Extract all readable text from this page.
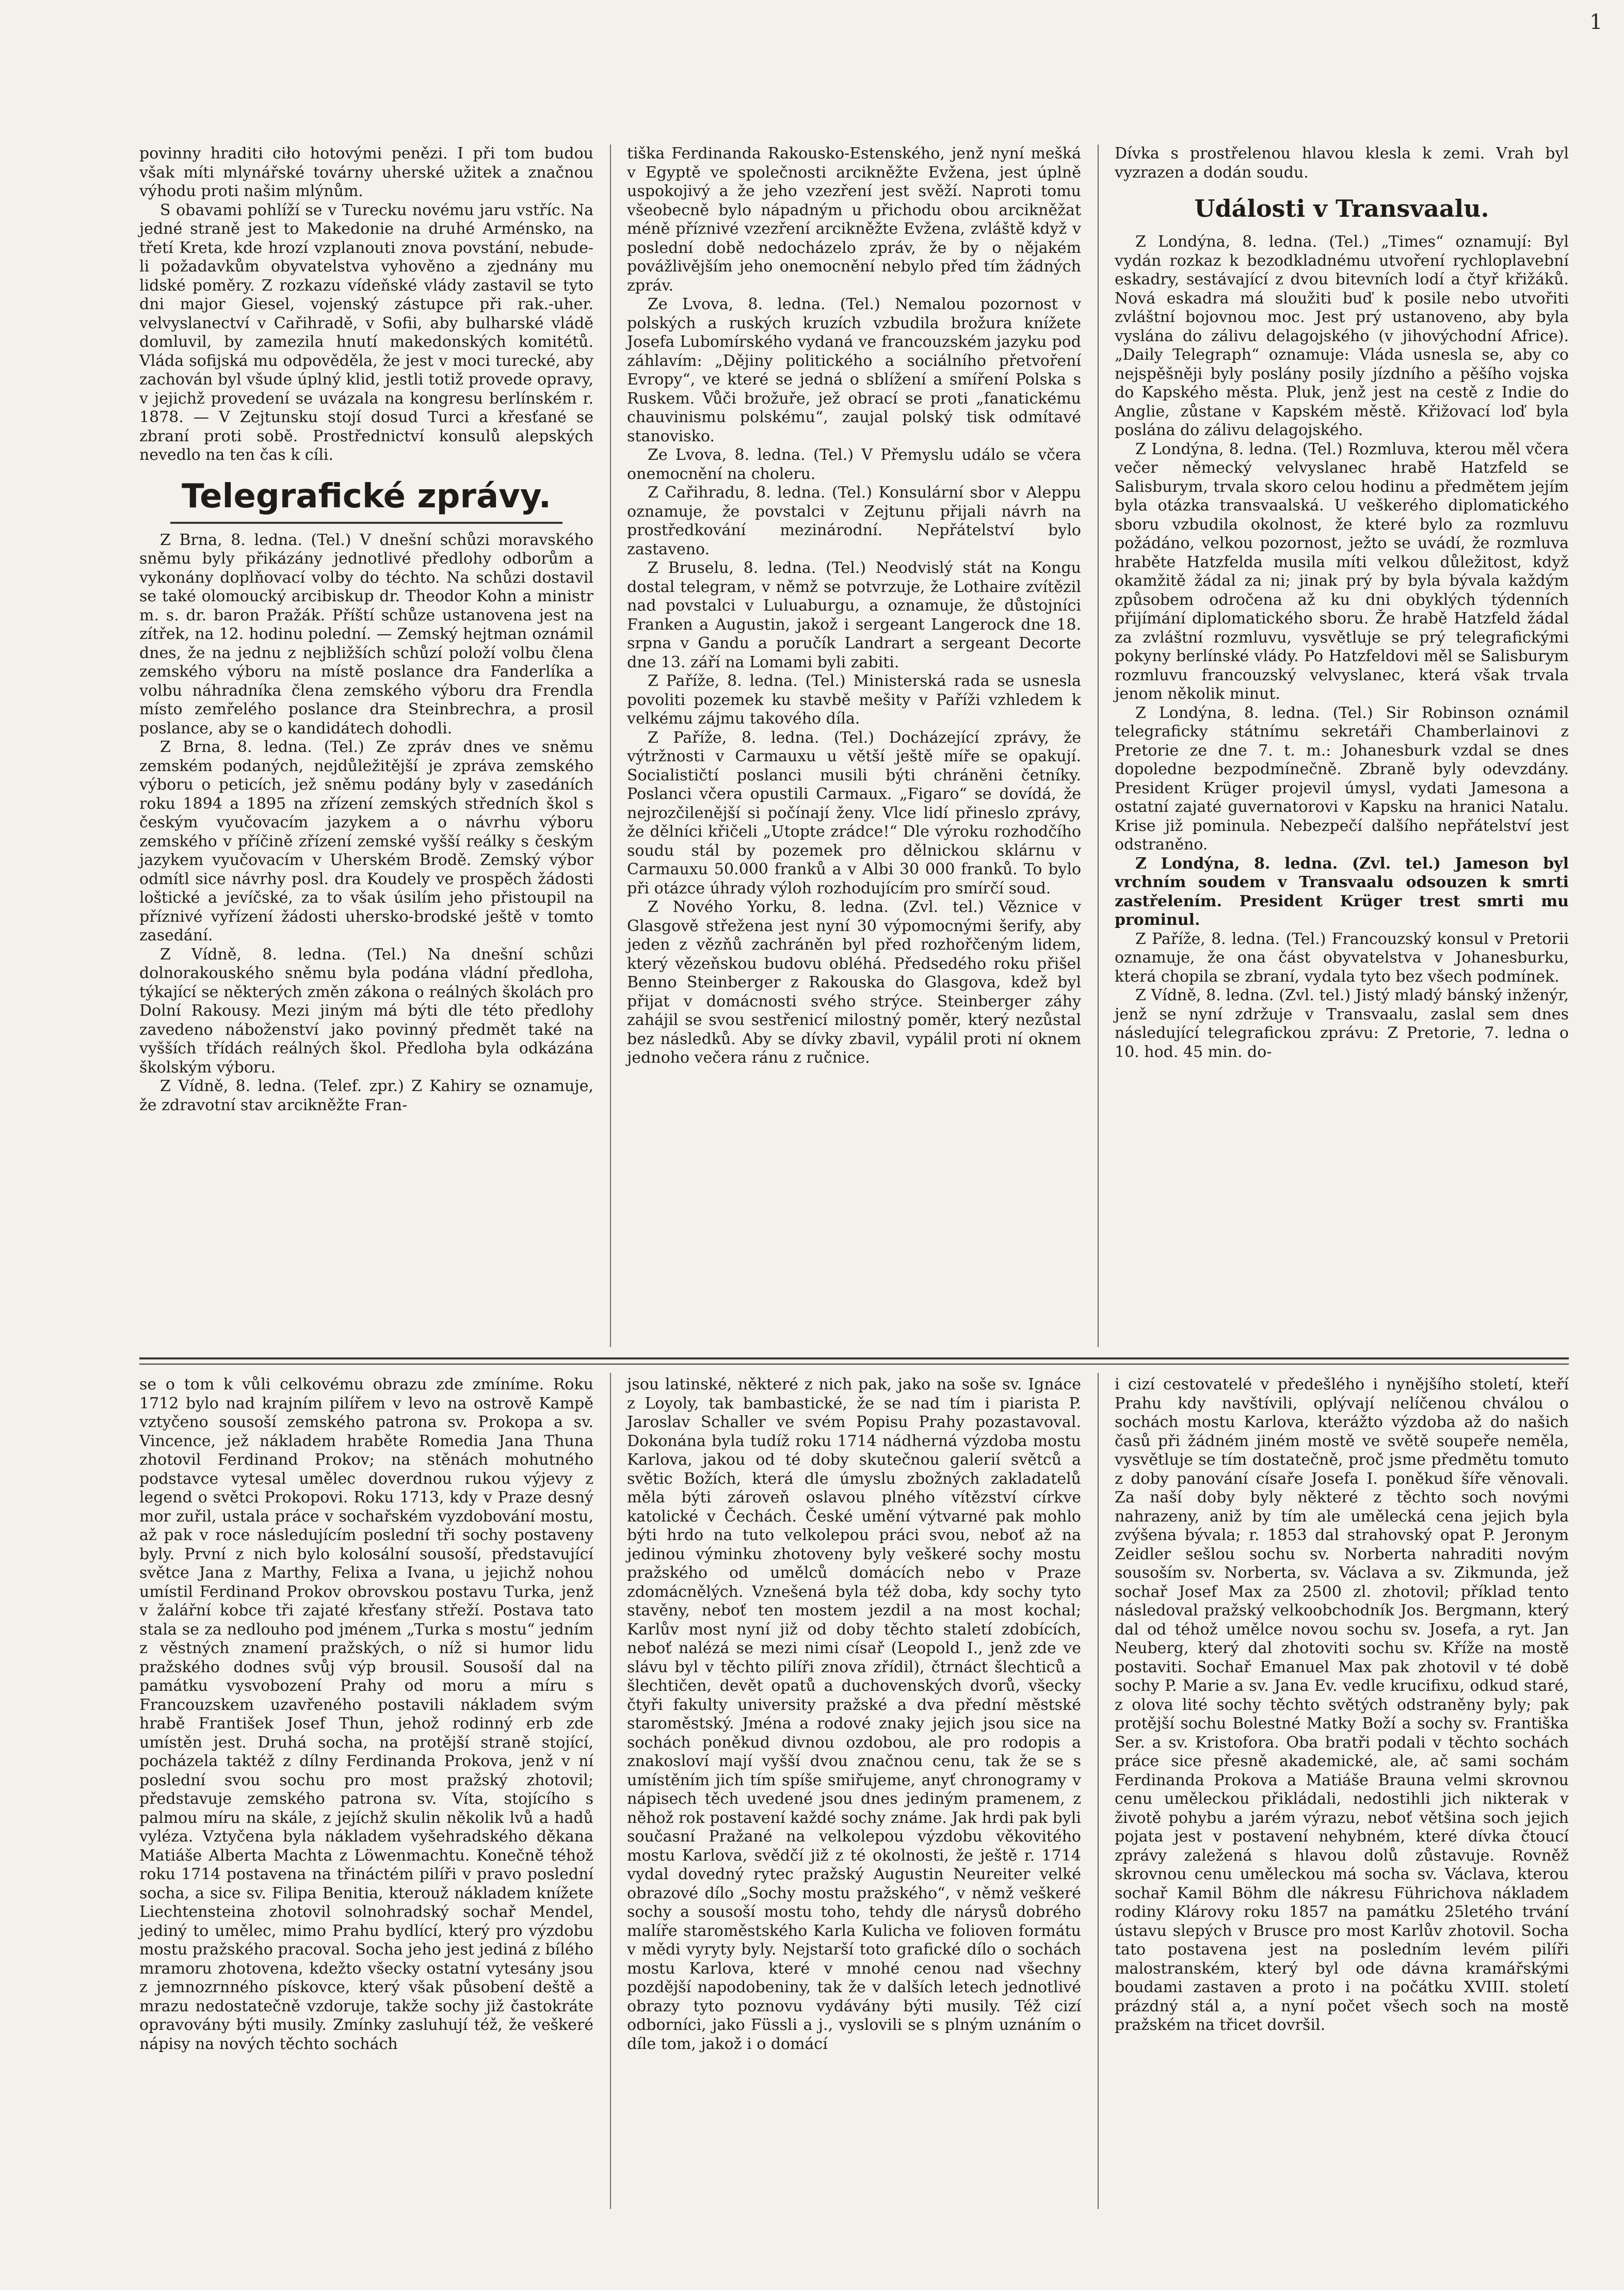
1

povinny hraditi ciło hotovými penězi. I při tom budou však míti mlynářské továrny uherské užitek a značnou výhodu proti našim mlýnům.

S obavami pohlíží se v Turecku novému jaru vstříc. Na jedné straně jest to Makedonie na druhé Arménsko, na třetí Kreta, kde hrozí vzplanouti znova povstání, nebude-li požadavkům obyvatelstva vyhověno a zjednány mu lidské poměry. Z rozkazu vídeňské vlády zastavil se tyto dni major Giesel, vojenský zástupce při rak.-uher. velvyslanectví v Cařihradě, v Sofii, aby bulharské vládě domluvil, by zamezila hnutí makedonských komitétů. Vláda sofijská mu odpověděla, že jest v moci turecké, aby zachován byl všude úplný klid, jestli totiž provede opravy, v jejichž provedení se uvázala na kongresu berlínském r. 1878. — V Zejtunsku stojí dosud Turci a křesťané se zbraní proti sobě. Prostřednictví konsulů alepských nevedlo na ten čas k cíli.

Telegrafické zprávy.

Z Brna, 8. ledna. (Tel.) V dnešní schůzi moravského sněmu byly přikázány jednotlivé předlohy odborům a vykonány doplňovací volby do téchto. Na schůzi dostavil se také olomoucký arcibiskup dr. Theodor Kohn a ministr m. s. dr. baron Pražák. Příští schůze ustanovena jest na zítřek, na 12. hodinu polední. — Zemský hejtman oznámil dnes, že na jednu z nejbližších schůzí položí volbu člena zemského výboru na místě poslance dra Fanderlíka a volbu náhradníka člena zemského výboru dra Frendla místo zemřelého poslance dra Steinbrechra, a prosil poslance, aby se o kandidátech dohodli.

Z Brna, 8. ledna. (Tel.) Ze zpráv dnes ve sněmu zemském podaných, nejdůležitější je zpráva zemského výboru o peticích, jež sněmu podány byly v zasedáních roku 1894 a 1895 na zřízení zemských středních škol s českým vyučovacím jazykem a o návrhu výboru zemského v příčině zřízení zemské vyšší reálky s českým jazykem vyučovacím v Uherském Brodě. Zemský výbor odmítl sice návrhy posl. dra Koudely ve prospěch žádosti loštické a jevíčské, za to však úsilím jeho přistoupil na příznivé vyřízení žádosti uhersko-brodské ještě v tomto zasedání.

Z Vídně, 8. ledna. (Tel.) Na dnešní schůzi dolnorakouského sněmu byla podána vládní předloha, týkající se některých změn zákona o reálných školách pro Dolní Rakousy. Mezi jiným má býti dle této předlohy zavedeno náboženství jako povinný předmět také na vyšších třídách reálných škol. Předloha byla odkázána školským výboru.

Z Vídně, 8. ledna. (Telef. zpr.) Z Kahiry se oznamuje, že zdravotní stav arcikněžte Fran-

tiška Ferdinanda Rakousko-Estenského, jenž nyní mešká v Egyptě ve společnosti arcikněžte Evženа, jest úplně uspokojivý a že jeho vzezření jest svěží. Naproti tomu všeobecně bylo nápadným u přichodu obou arcikněžat méně příznivé vzezření arcikněžte Evženа, zvláště když v poslední době nedocházelo zpráv, že by o nějakém povážlivějším jeho onemocnění nebylo před tím žádných zpráv.

Ze Lvova, 8. ledna. (Tel.) Nemalou pozornost v polských a ruských kruzích vzbudila brožura knížete Josefa Lubomírského vydaná ve francouzském jazyku pod záhlavím: „Dějiny politického a sociálního přetvoření Evropy“, ve které se jedná o sblížení a smíření Polska s Ruskem. Vůči brožuře, jež obrací se proti „fanatickému chauvinismu polskému“, zaujal polský tisk odmítavé stanovisko.

Ze Lvova, 8. ledna. (Tel.) V Přemyslu událo se včera onemocnění na choleru.

Z Cařihradu, 8. ledna. (Tel.) Konsulární sbor v Aleppu oznamuje, že povstalci v Zejtunu přijali návrh na prostředkování mezinárodní. Nepřátelství bylo zastaveno.

Z Bruselu, 8. ledna. (Tel.) Neodvislý stát na Kongu dostal telegram, v němž se potvrzuje, že Lothaire zvítězil nad povstalci v Luluaburgu, a oznamuje, že důstojníci Franken a Augustin, jakož i sergeant Langerock dne 18. srpna v Gandu a poručík Landrart a sergeant Decorte dne 13. září na Lomami byli zabiti.

Z Paříže, 8. ledna. (Tel.) Ministerská rada se usnesla povoliti pozemek ku stavbě mešity v Paříži vzhledem k velkému zájmu takového díla.

Z Paříže, 8. ledna. (Tel.) Docházející zprávy, že výtržnosti v Carmauxu u větší ještě míře se opakují. Socialističtí poslanci musili býti chráněni četníky. Poslanci včera opustili Carmaux. „Figaro“ se dovídá, že nejrozčilenější si počínají ženy. Vlce lidí přineslo zprávy, že dělníci křičeli „Utopte zrádce!“ Dle výroku rozhodčího soudu stál by pozemek pro dělnickou sklárnu v Carmauxu 50.000 franků a v Albi 30 000 franků. To bylo při otázce úhrady výloh rozhodujícím pro smírčí soud.

Z Nového Yorku, 8. ledna. (Zvl. tel.) Věznice v Glasgově střežena jest nyní 30 výpomocnými šerify, aby jeden z vězňů zachráněn byl před rozhořčeným lidem, který vězeňskou budovu obléhá. Předsedého roku přišel Benno Steinberger z Rakouska do Glasgova, kdež byl přijat v domácnosti svého strýce. Steinberger záhy zahájil se svou sestřenicí milostný poměr, který nezůstal bez následků. Aby se dívky zbavil, vypálil proti ní oknem jednoho večera ránu z ručnice.

Dívka s prostřelenou hlavou klesla k zemi. Vrah byl vyzrazen a dodán soudu.

Události v Transvaalu.

Z Londýna, 8. ledna. (Tel.) „Times“ oznamují: Byl vydán rozkaz k bezodkladnému utvoření rychloplavební eskadry, sestávající z dvou bitevních lodí a čtyř křižáků. Nová eskadra má sloužiti buď k posile nebo utvořiti zvláštní bojovnou moc. Jest prý ustanoveno, aby byla vyslána do zálivu delagojského (v jihovýchodní Africe). „Daily Telegraph“ oznamuje: Vláda usnesla se, aby co nejspěšněji byly poslány posily jízdního a pěšího vojska do Kapského města. Pluk, jenž jest na cestě z Indie do Anglie, zůstane v Kapském městě. Křižovací loď byla poslána do zálivu delagojského.

Z Londýna, 8. ledna. (Tel.) Rozmluva, kterou měl včera večer německý velvyslanec hrabě Hatzfeld se Salisburym, trvala skoro celou hodinu a předmětem jejím byla otázka transvaalská. U veškerého diplomatického sboru vzbudila okolnost, že které bylo za rozmluvu požádáno, velkou pozornost, ježto se uvádí, že rozmluva hraběte Hatzfelda musila míti velkou důležitost, když okamžitě žádal za ni; jinak prý by byla bývala každým způsobem odročena až ku dni obyklých týdenních přijímání diplomatického sboru. Že hrabě Hatzfeld žádal za zvláštní rozmluvu, vysvětluje se prý telegrafickými pokyny berlínské vlády. Po Hatzfeldovi měl se Salisburym rozmluvu francouzský velvyslanec, která však trvala jenom několik minut.

Z Londýna, 8. ledna. (Tel.) Sir Robinson oznámil telegraficky státnímu sekretáři Chamberlainovi z Pretorie ze dne 7. t. m.: Johanesburk vzdal se dnes dopoledne bezpodmínečně. Zbraně byly odevzdány. President Krüger projevil úmysl, vydati Jamesona a ostatní zajaté guvernatorovi v Kapsku na hranici Natalu. Krise již pominula. Nebezpečí dalšího nepřátelství jest odstraněno.

Z Londýna, 8. ledna. (Zvl. tel.) Jameson byl vrchním soudem v Transvaalu odsouzen k smrti zastřelením. President Krüger trest smrti mu prominul.

Z Paříže, 8. ledna. (Tel.) Francouzský konsul v Pretorii oznamuje, že ona část obyvatelstva v Johanesburku, která chopila se zbraní, vydala tyto bez všech podmínek.

Z Vídně, 8. ledna. (Zvl. tel.) Jistý mladý bánský inženýr, jenž se nyní zdržuje v Transvaalu, zaslal sem dnes následující telegrafickou zprávu: Z Pretorie, 7. ledna o 10. hod. 45 min. do-

se o tom k vůli celkovému obrazu zde zmíníme. Roku 1712 bylo nad krajním pilířem v levo na ostrově Kampě vztyčeno sousoší zemského patrona sv. Prokopa a sv. Vincence, jež nákladem hraběte Romedia Jana Thuna zhotovil Ferdinand Prokov; na stěnách mohutného podstavce vytesal umělec doverdnou rukou výjevy z legend o světci Prokopovi. Roku 1713, kdy v Praze desný mor zuřil, ustala práce v sochařském vyzdobování mostu, až pak v roce následujícím poslední tři sochy postaveny byly. První z nich bylo kolosální sousoší, představující světce Jana z Marthy, Felixa a Ivana, u jejichž nohou umístil Ferdinand Prokov obrovskou postavu Turka, jenž v žalářní kobce tři zajaté křesťany střeží. Postava tato stala se za nedlouho pod jménem „Turka s mostu“ jedním z věstných znamení pražských, o níž si humor lidu pražského dodnes svůj výp brousil. Sousoší dal na památku vysvobození Prahy od moru a míru s Francouzskem uzavřeného postavili nákladem svým hrabě František Josef Thun, jehož rodinný erb zde umístěn jest. Druhá socha, na protější straně stojící, pocházela taktéž z dílny Ferdinanda Prokova, jenž v ní poslední svou sochu pro most pražský zhotovil; představuje zemského patrona sv. Víta, stojícího s palmou míru na skále, z jejíchž skulin několik lvů a hadů vyléza. Vztyčena byla nákladem vyšehradského děkana Matiáše Alberta Machta z Löwenmachtu. Konečně téhož roku 1714 postavena na třináctém pilíři v pravo poslední socha, a sice sv. Filipa Benitia, kterouž nákladem knížete Liechtensteina zhotovil solnohradský sochař Mendel, jediný to umělec, mimo Prahu bydlící, který pro výzdobu mostu pražského pracoval. Socha jeho jest jediná z bílého mramoru zhotovena, kdežto všecky ostatní vytesány jsou z jemnozrnného pískovce, který však působení deště a mrazu nedostatečně vzdoruje, takže sochy již častokráte opravovány býti musily. Zmínky zasluhují též, že veškeré nápisy na nových těchto sochách

jsou latinské, některé z nich pak, jako na soše sv. Ignáce z Loyoly, tak bambastické, že se nad tím i piarista P. Jaroslav Schaller ve svém Popisu Prahy pozastavoval. Dokonána byla tudíž roku 1714 nádherná výzdoba mostu Karlova, jakou od té doby skutečnou galerií světců a světic Božích, která dle úmyslu zbožných zakladatelů měla býti zároveň oslavou plného vítězství církve katolické v Čechách. České umění výtvarné pak mohlo býti hrdo na tuto velkolepou práci svou, neboť až na jedinou výminku zhotoveny byly veškeré sochy mostu pražského od umělců domácích nebo v Praze zdomácnělých. Vznešená byla též doba, kdy sochy tyto stavěny, neboť ten mostem jezdil a na most kochal; Karlův most nyní již od doby těchto staletí zdobících, neboť nalézá se mezi nimi císař (Leopold I., jenž zde ve slávu byl v těchto pilíři znova zřídil), čtrnáct šlechticů a šlechtičen, devět opatů a duchovenských dvorů, všecky čtyři fakulty university pražské a dva přední městské staroměstský. Jména a rodové znaky jejich jsou sice na sochách poněkud divnou ozdobou, ale pro rodopis a znakosloví mají vyšší dvou značnou cenu, tak že se s umístěním jich tím spíše smiřujeme, anyť chronogramy v nápisech těch uvedené jsou dnes jediným pramenem, z něhož rok postavení každé sochy známe. Jak hrdi pak byli současní Pražané na velkolepou výzdobu věkovitého mostu Karlova, svědčí již z té okolnosti, že ještě r. 1714 vydal dovedný rytec pražský Augustin Neureiter velké obrazové dílo „Sochy mostu pražského“, v němž veškeré sochy a sousoší mostu toho, tehdy dle nárysů dobrého malíře staroměstského Karla Kulicha ve folioven formátu v mědi vyryty byly. Nejstarší toto grafické dílo o sochách mostu Karlova, které v mnohé cenou nad všechny pozdější napodobeniny, tak že v dalších letech jednotlivé obrazy tyto poznovu vydávány býti musily. Též cizí odborníci, jako Füssli a j., vyslovili se s plným uznáním o díle tom, jakož i o domácí

i cizí cestovatelé v předešlého i nynějšího století, kteří Prahu kdy navštívili, oplývají nelíčenou chválou o sochách mostu Karlova, kterážto výzdoba až do našich časů při žádném jiném mostě ve světě soupeře neměla, vysvětluje se tím dostatečně, proč jsme předmětu tomuto z doby panování císaře Josefa I. poněkud šíře věnovali. Za naší doby byly některé z těchto soch novými nahrazeny, aniž by tím ale umělecká cena jejich byla zvýšena bývala; r. 1853 dal strahovský opat P. Jeronym Zeidler sešlou sochu sv. Norberta nahraditi novým sousoším sv. Norberta, sv. Václava a sv. Zikmunda, jež sochař Josef Max za 2500 zl. zhotovil; příklad tento následoval pražský velkoobchodník Jos. Bergmann, který dal od téhož umělce novou sochu sv. Josefa, a ryt. Jan Neuberg, který dal zhotoviti sochu sv. Kříže na mostě postaviti. Sochař Emanuel Max pak zhotovil v té době sochy P. Marie a sv. Jana Ev. vedle krucifixu, odkud staré, z olova lité sochy těchto světých odstraněny byly; pak protější sochu Bolestné Matky Boží a sochy sv. Františka Ser. a sv. Kristofora. Oba bratři podali v těchto sochách práce sice přesně akademické, ale, ač sami sochám Ferdinanda Prokova a Matiáše Brauna velmi skrovnou cenu uměleckou přikládali, nedostihli jich nikterak v životě pohybu a jarém výrazu, neboť většina soch jejich pojata jest v postavení nehybném, které dívka čtoucí zprávy zaležená s hlavou dolů zůstavuje. Rovněž skrovnou cenu uměleckou má socha sv. Václava, kterou sochař Kamil Böhm dle nákresu Führichova nákladem rodiny Klárovy roku 1857 na památku 25letého trvání ústavu slepých v Brusce pro most Karlův zhotovil. Socha tato postavena jest na posledním levém pilíři malostranském, který byl ode dávna kramářskými boudami zastaven a proto i na počátku XVIII. století prázdný stál a, a nyní počet všech soch na mostě pražském na třicet dovršil.
